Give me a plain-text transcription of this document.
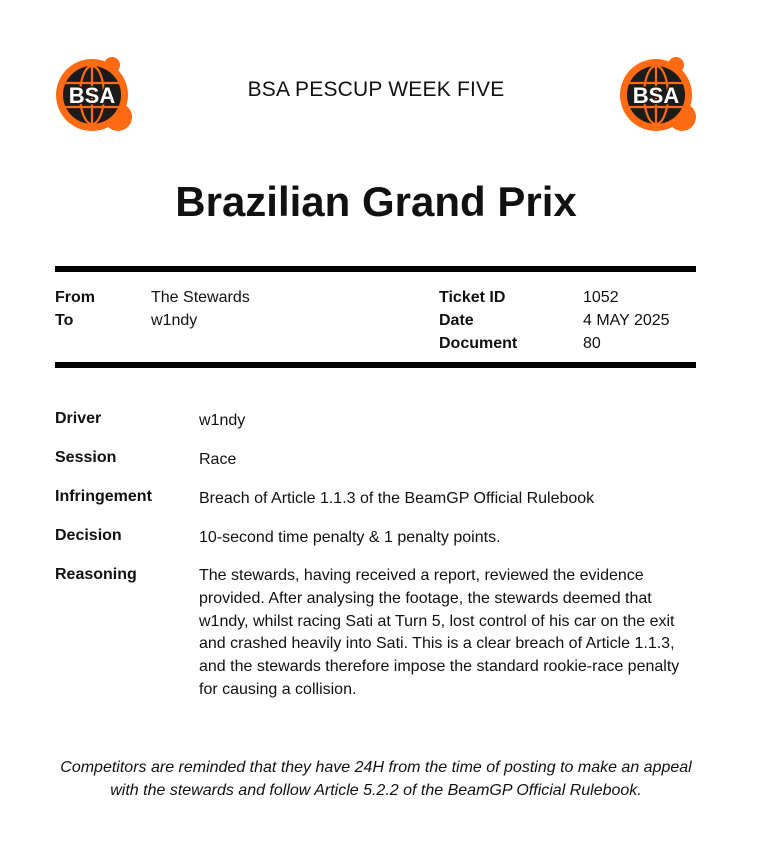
BSA	BSA
BSA PESCUP WEEK FIVE
Brazilian Grand Prix
From	The Stewards
To	w1ndy
Ticket ID	1052
Date	4 MAY 2025
Document	80
Driver	w1ndy
Session	Race
Infringement	Breach of Article 1.1.3 of the BeamGP Official Rulebook
Decision	10-second time penalty & 1 penalty points.
Reasoning	The stewards, having received a report, reviewed the evidence provided. After analysing the footage, the stewards deemed that w1ndy, whilst racing Sati at Turn 5, lost control of his car on the exit and crashed heavily into Sati. This is a clear breach of Article 1.1.3, and the stewards therefore impose the standard rookie-race penalty for causing a collision.
Competitors are reminded that they have 24H from the time of posting to make an appeal with the stewards and follow Article 5.2.2 of the BeamGP Official Rulebook.
